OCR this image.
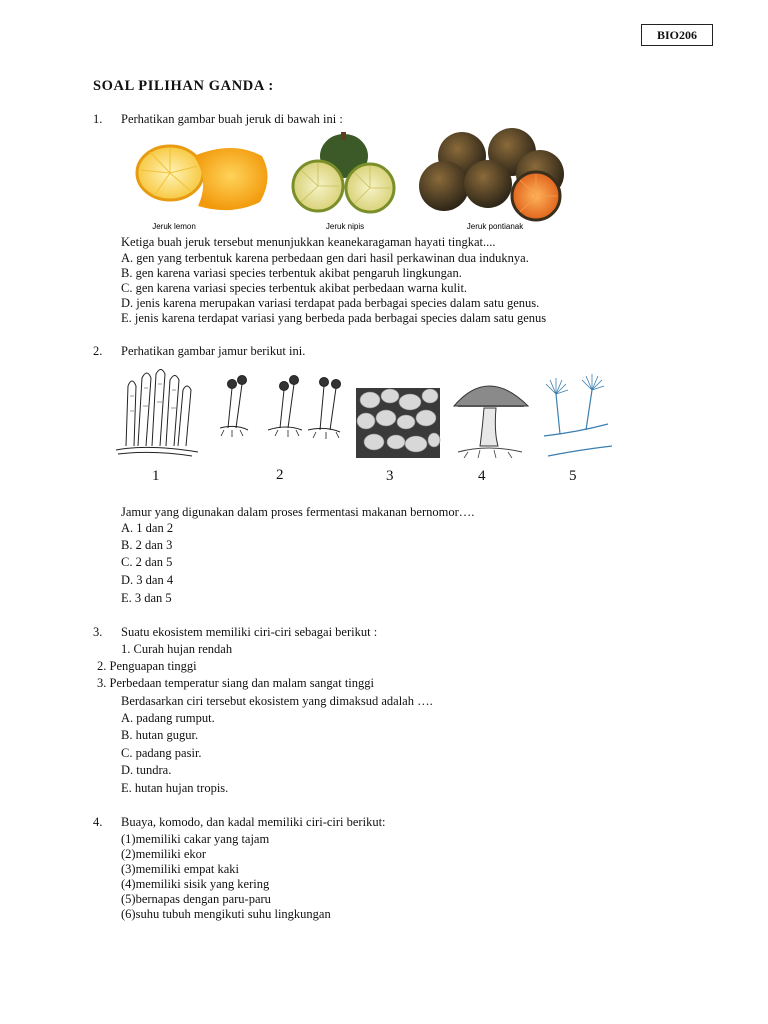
BIO206
SOAL PILIHAN GANDA :
1. Perhatikan gambar buah jeruk di bawah ini :
Jeruk lemon	Jeruk nipis	Jeruk pontianak
Ketiga buah jeruk tersebut menunjukkan keanekaragaman hayati tingkat....
A. gen yang terbentuk karena perbedaan gen dari hasil perkawinan dua induknya.
B. gen karena variasi species terbentuk akibat pengaruh lingkungan.
C. gen karena variasi species terbentuk akibat perbedaan warna kulit.
D. jenis karena merupakan variasi terdapat pada berbagai species dalam satu genus.
E. jenis karena terdapat variasi yang berbeda pada berbagai species dalam satu genus
2. Perhatikan gambar jamur berikut ini.
1	2	3	4	5
Jamur yang digunakan dalam proses fermentasi makanan bernomor….
A. 1 dan 2
B. 2 dan 3
C. 2 dan 5
D. 3 dan 4
E. 3 dan 5
3. Suatu ekosistem memiliki ciri-ciri sebagai berikut :
1. Curah hujan rendah
2. Penguapan tinggi
3. Perbedaan temperatur siang dan malam sangat tinggi
Berdasarkan ciri tersebut ekosistem yang dimaksud adalah ….
A. padang rumput.
B. hutan gugur.
C. padang pasir.
D. tundra.
E. hutan hujan tropis.
4. Buaya, komodo, dan kadal memiliki ciri-ciri berikut:
(1)memiliki cakar yang tajam
(2)memiliki ekor
(3)memiliki empat kaki
(4)memiliki sisik yang kering
(5)bernapas dengan paru-paru
(6)suhu tubuh mengikuti suhu lingkungan
